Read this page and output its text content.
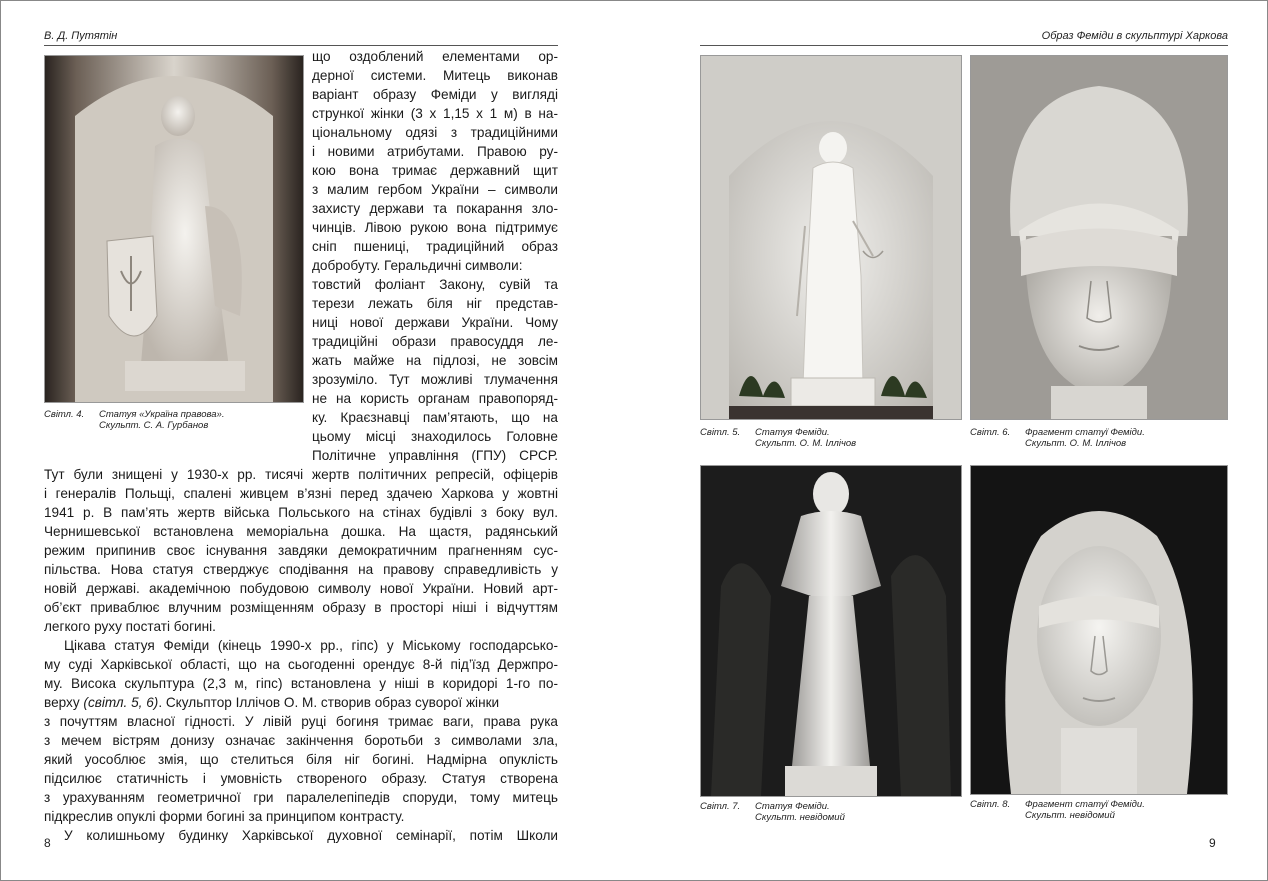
В. Д. Путятін
Світл. 4. Статуя «Україна правова».
Скульпт. С. А. Гурбанов
що оздоблений елементами ор-
дерної системи. Митець виконав
варіант образу Феміди у вигляді
стрункої жінки (3 х 1,15 х 1 м) в на-
ціональному одязі з традиційними
і новими атрибутами. Правою ру-
кою вона тримає державний щит
з малим гербом України – символи
захисту держави та покарання зло-
чинців. Лівою рукою вона підтримує
сніп пшениці, традиційний образ
добробуту. Геральдичні символи:
товстий фоліант Закону, сувій та
терези лежать біля ніг представ-
ниці нової держави України. Чому
традиційні образи правосуддя ле-
жать майже на підлозі, не зовсім
зрозуміло. Тут можливі тлумачення
не на користь органам правопоряд-
ку. Краєзнавці пам’ятають, що на
цьому місці знаходилось Головне
Політичне управління (ГПУ) СРСР.
Тут були знищені у 1930-х рр. тисячі жертв політичних репресій, офіцерів
і генералів Польщі, спалені живцем в’язні перед здачею Харкова у жовтні
1941 р. В пам’ять жертв війська Польського на стінах будівлі з боку вул.
Чернишевської встановлена меморіальна дошка. На щастя, радянський
режим припинив своє існування завдяки демократичним прагненням сус-
пільства. Нова статуя стверджує сподівання на правову справедливість у
новій державі. академічною побудовою символу нової України. Новий арт-
об’єкт приваблює влучним розміщенням образу в просторі ніші і відчуттям
легкого руху постаті богині.
Цікава статуя Феміди (кінець 1990-х рр., гіпс) у Міському господарсько-
му суді Харківської області, що на сьогоденні орендує 8-й під’їзд Держпро-
му. Висока скульптура (2,3 м, гіпс) встановлена у ніші в коридорі 1-го по-
верху (світл. 5, 6). Скульптор Іллічов О. М. створив образ суворої жінки
з почуттям власної гідності. У лівій руці богиня тримає ваги, права рука
з мечем вістрям донизу означає закінчення боротьби з символами зла,
який уособлює змія, що стелиться біля ніг богині. Надмірна опуклість
підсилює статичність і умовність створеного образу. Статуя створена
з урахуванням геометричної гри паралелепіпедів споруди, тому митець
підкреслив опуклі форми богині за принципом контрасту.
У колишньому будинку Харківської духовної семінарії, потім Школи
8
Образ Феміди в скульптурі Харкова
Світл. 5. Статуя Феміди.
Скульпт. О. М. Іллічов
Світл. 6. Фрагмент статуї Феміди.
Скульпт. О. М. Іллічов
Світл. 7. Статуя Феміди.
Скульпт. невідомий
Світл. 8. Фрагмент статуї Феміди.
Скульпт. невідомий
9
